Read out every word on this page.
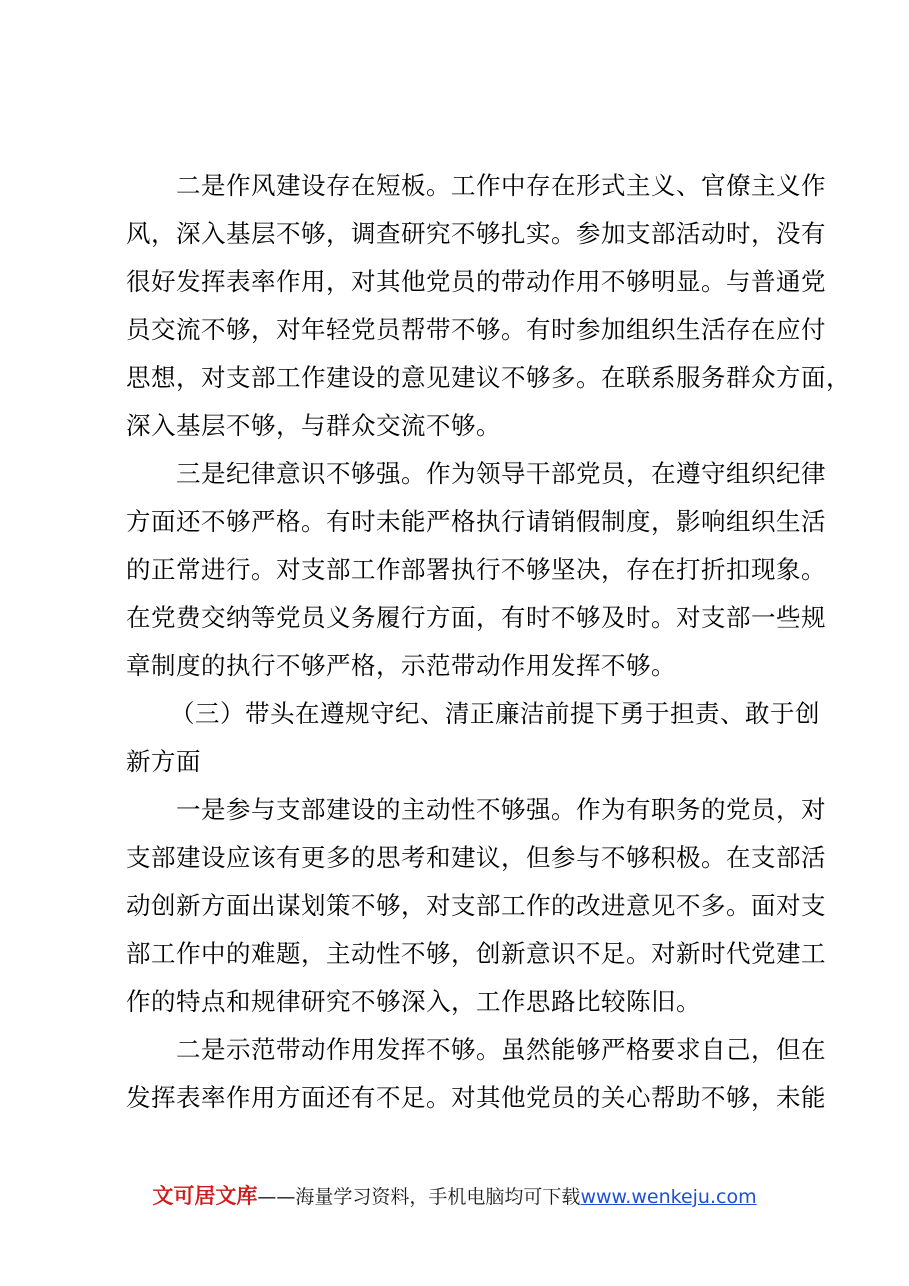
二是作风建设存在短板。工作中存在形式主义、官僚主义作
风，深入基层不够，调查研究不够扎实。参加支部活动时，没有
很好发挥表率作用，对其他党员的带动作用不够明显。与普通党
员交流不够，对年轻党员帮带不够。有时参加组织生活存在应付
思想，对支部工作建设的意见建议不够多。在联系服务群众方面，
深入基层不够，与群众交流不够。
三是纪律意识不够强。作为领导干部党员，在遵守组织纪律
方面还不够严格。有时未能严格执行请销假制度，影响组织生活
的正常进行。对支部工作部署执行不够坚决，存在打折扣现象。
在党费交纳等党员义务履行方面，有时不够及时。对支部一些规
章制度的执行不够严格，示范带动作用发挥不够。
（三）带头在遵规守纪、清正廉洁前提下勇于担责、敢于创
新方面
一是参与支部建设的主动性不够强。作为有职务的党员，对
支部建设应该有更多的思考和建议，但参与不够积极。在支部活
动创新方面出谋划策不够，对支部工作的改进意见不多。面对支
部工作中的难题，主动性不够，创新意识不足。对新时代党建工
作的特点和规律研究不够深入，工作思路比较陈旧。
二是示范带动作用发挥不够。虽然能够严格要求自己，但在
发挥表率作用方面还有不足。对其他党员的关心帮助不够，未能
文可居文库——海量学习资料，手机电脑均可下载www.wenkeju.com
